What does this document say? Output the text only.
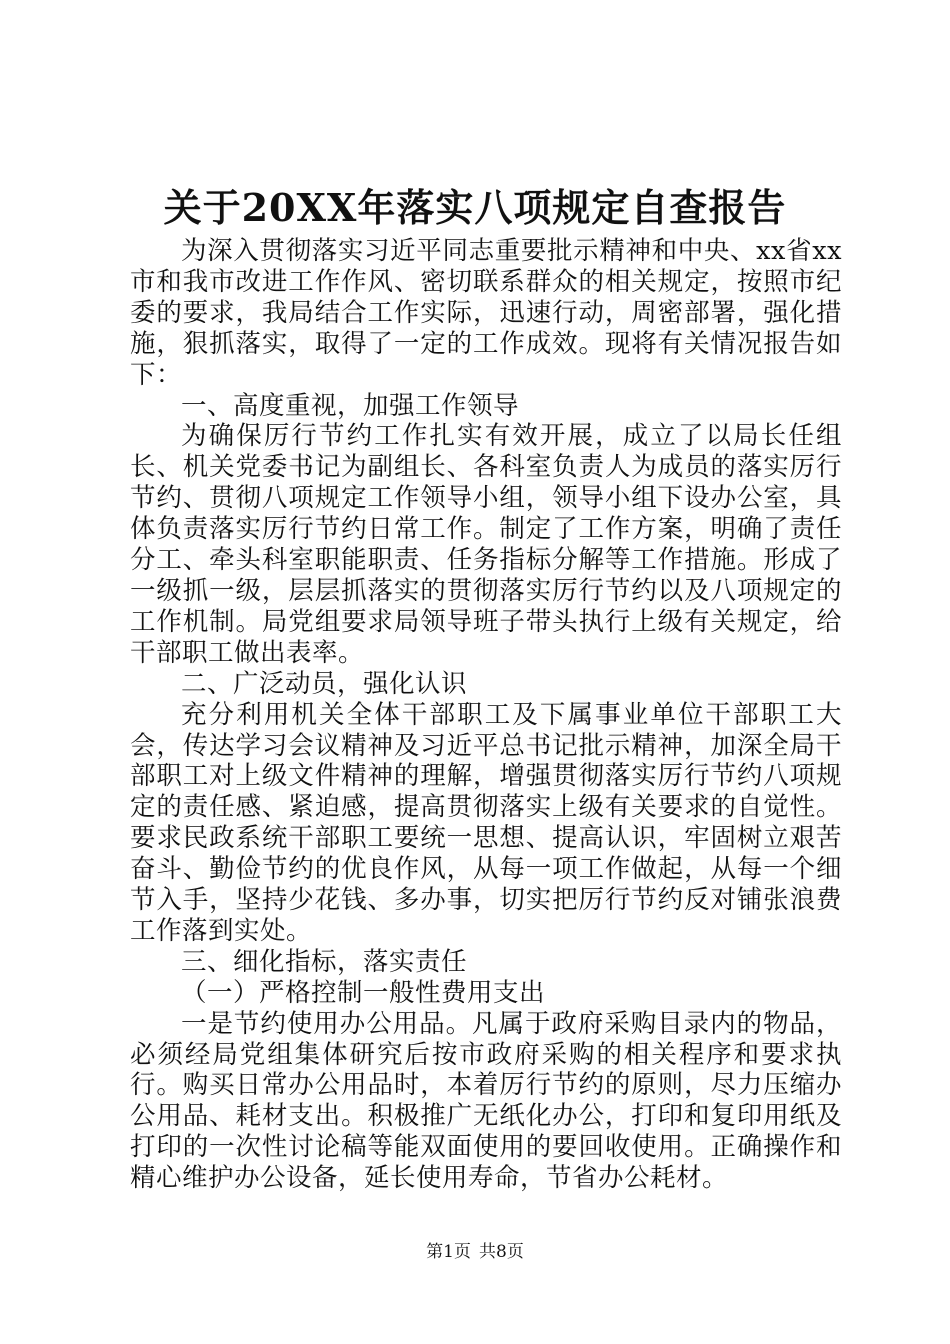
关于20XX年落实八项规定自查报告

为深入贯彻落实习近平同志重要批示精神和中央、xx省xx市和我市改进工作作风、密切联系群众的相关规定，按照市纪委的要求，我局结合工作实际，迅速行动，周密部署，强化措施，狠抓落实，取得了一定的工作成效。现将有关情况报告如下：

一、高度重视，加强工作领导

为确保厉行节约工作扎实有效开展，成立了以局长任组长、机关党委书记为副组长、各科室负责人为成员的落实厉行节约、贯彻八项规定工作领导小组，领导小组下设办公室，具体负责落实厉行节约日常工作。制定了工作方案，明确了责任分工、牵头科室职能职责、任务指标分解等工作措施。形成了一级抓一级，层层抓落实的贯彻落实厉行节约以及八项规定的工作机制。局党组要求局领导班子带头执行上级有关规定，给干部职工做出表率。

二、广泛动员，强化认识

充分利用机关全体干部职工及下属事业单位干部职工大会，传达学习会议精神及习近平总书记批示精神，加深全局干部职工对上级文件精神的理解，增强贯彻落实厉行节约八项规定的责任感、紧迫感，提高贯彻落实上级有关要求的自觉性。要求民政系统干部职工要统一思想、提高认识，牢固树立艰苦奋斗、勤俭节约的优良作风，从每一项工作做起，从每一个细节入手，坚持少花钱、多办事，切实把厉行节约反对铺张浪费工作落到实处。

三、细化指标，落实责任

（一）严格控制一般性费用支出

一是节约使用办公用品。凡属于政府采购目录内的物品，必须经局党组集体研究后按市政府采购的相关程序和要求执行。购买日常办公用品时，本着厉行节约的原则，尽力压缩办公用品、耗材支出。积极推广无纸化办公，打印和复印用纸及打印的一次性讨论稿等能双面使用的要回收使用。正确操作和精心维护办公设备，延长使用寿命，节省办公耗材。

第1页 共8页
